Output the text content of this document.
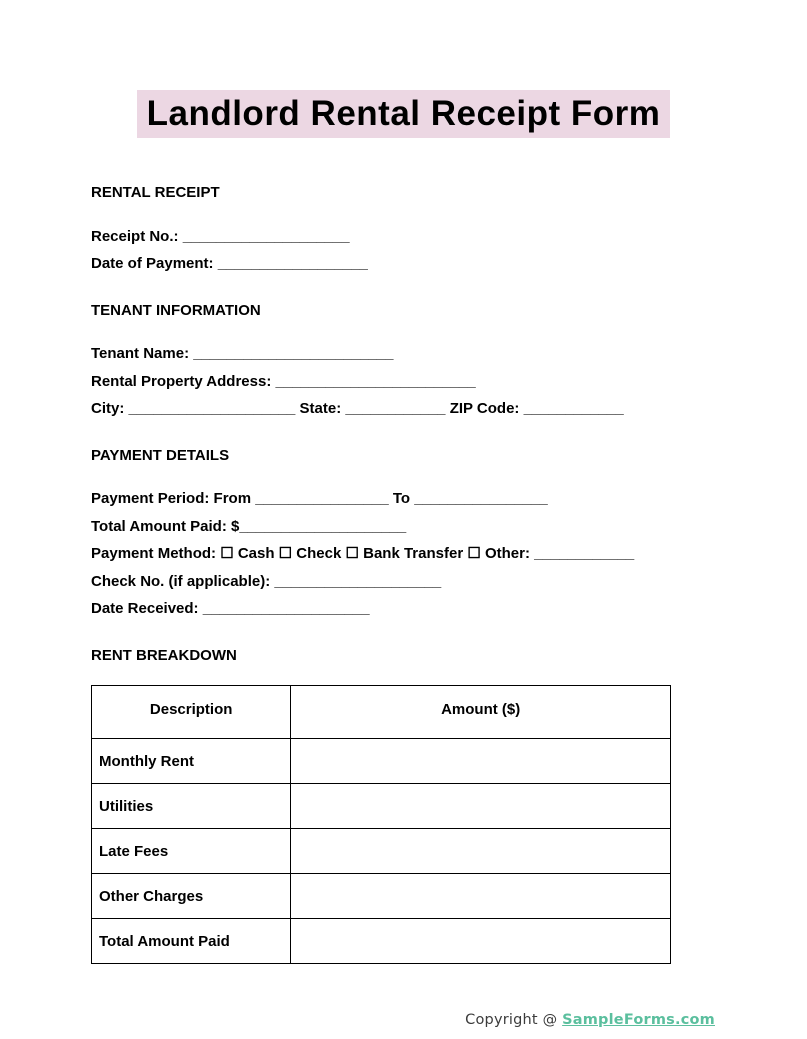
Landlord Rental Receipt Form
RENTAL RECEIPT

Receipt No.: ____________________

Date of Payment: __________________

TENANT INFORMATION

Tenant Name: ________________________

Rental Property Address: ________________________

City: ____________________ State: ____________ ZIP Code: ____________

PAYMENT DETAILS

Payment Period: From ________________ To ________________

Total Amount Paid: $____________________

Payment Method: ☐ Cash ☐ Check ☐ Bank Transfer ☐ Other: ____________

Check No. (if applicable): ____________________

Date Received: ____________________

RENT BREAKDOWN
Description	Amount ($)
Monthly Rent	
Utilities	
Late Fees	
Other Charges	
Total Amount Paid	
Copyright @ SampleForms.com
